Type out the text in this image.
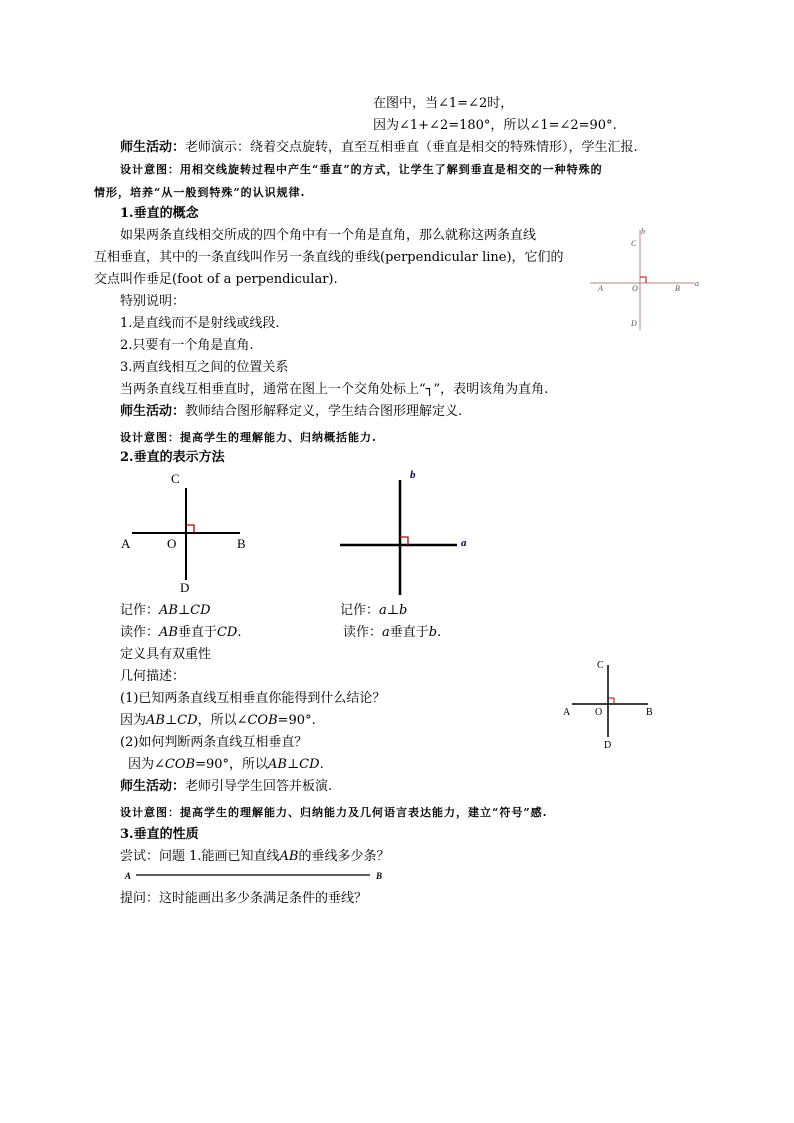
在图中，当∠1=∠2时，
因为∠1+∠2=180°，所以∠1=∠2=90°.
师生活动：老师演示：绕着交点旋转，直至互相垂直（垂直是相交的特殊情形），学生汇报.
设计意图：用相交线旋转过程中产生“垂直”的方式，让学生了解到垂直是相交的一种特殊的
情形，培养“从一般到特殊”的认识规律.
1.垂直的概念
如果两条直线相交所成的四个角中有一个角是直角，那么就称这两条直线
互相垂直，其中的一条直线叫作另一条直线的垂线(perpendicular line)，它们的
交点叫作垂足(foot of a perpendicular).
特别说明：
1.是直线而不是射线或线段.
2.只要有一个角是直角.
3.两直线相互之间的位置关系
当两条直线互相垂直时，通常在图上一个交角处标上“┐”，表明该角为直角.
师生活动：教师结合图形解释定义，学生结合图形理解定义.
设计意图：提高学生的理解能力、归纳概括能力.
b
C
A	O	B
a
D
2.垂直的表示方法
C
A	O	B
D
b
a
记作：AB⊥CD	记作：a⊥b
读作：AB垂直于CD.	读作：a垂直于b.
定义具有双重性
几何描述：
(1)已知两条直线互相垂直你能得到什么结论？
因为AB⊥CD，所以∠COB=90°.
(2)如何判断两条直线互相垂直？
因为∠COB=90°，所以AB⊥CD.
师生活动：老师引导学生回答并板演.
设计意图：提高学生的理解能力、归纳能力及几何语言表达能力，建立“符号”感.
C
A O	B
D
3.垂直的性质
尝试：问题 1.能画已知直线AB的垂线多少条？
A	B
提问：这时能画出多少条满足条件的垂线？
